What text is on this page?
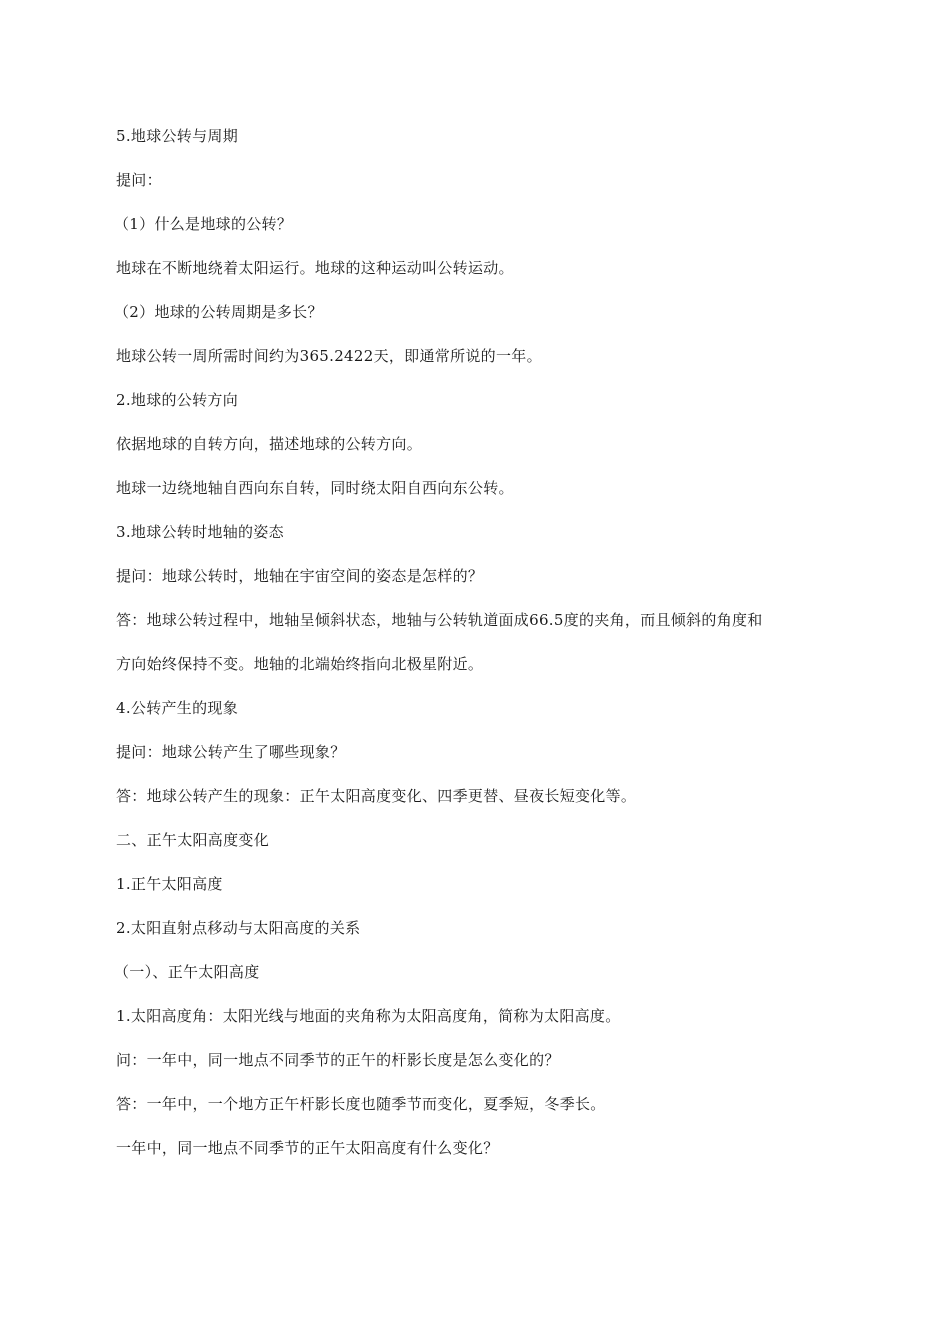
5.地球公转与周期
提问：
（1）什么是地球的公转？
地球在不断地绕着太阳运行。地球的这种运动叫公转运动。
（2）地球的公转周期是多长？
地球公转一周所需时间约为365.2422天，即通常所说的一年。
2.地球的公转方向
依据地球的自转方向，描述地球的公转方向。
地球一边绕地轴自西向东自转，同时绕太阳自西向东公转。
3.地球公转时地轴的姿态
提问：地球公转时，地轴在宇宙空间的姿态是怎样的？
答：地球公转过程中，地轴呈倾斜状态，地轴与公转轨道面成66.5度的夹角，而且倾斜的角度和
方向始终保持不变。地轴的北端始终指向北极星附近。
4.公转产生的现象
提问：地球公转产生了哪些现象？
答：地球公转产生的现象：正午太阳高度变化、四季更替、昼夜长短变化等。
二、正午太阳高度变化
1.正午太阳高度
2.太阳直射点移动与太阳高度的关系
（一）、正午太阳高度
1.太阳高度角：太阳光线与地面的夹角称为太阳高度角，简称为太阳高度。
问：一年中，同一地点不同季节的正午的杆影长度是怎么变化的？
答：一年中，一个地方正午杆影长度也随季节而变化，夏季短，冬季长。
一年中，同一地点不同季节的正午太阳高度有什么变化？
